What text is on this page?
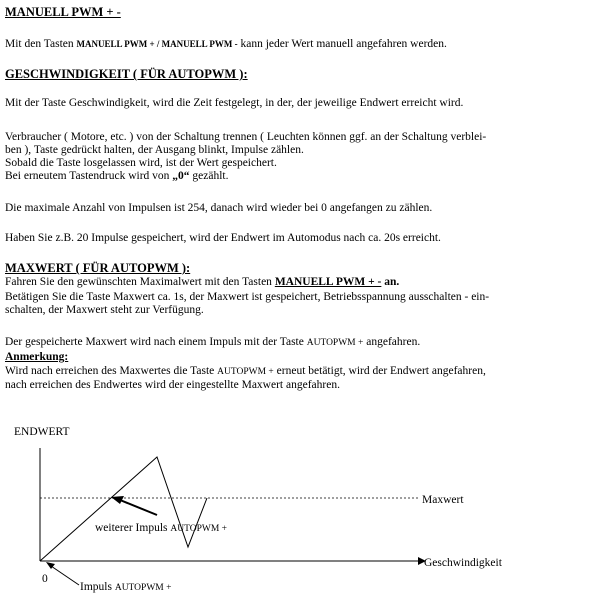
MANUELL PWM + -

Mit den Tasten MANUELL PWM + / MANUELL PWM - kann jeder Wert manuell angefahren werden.

GESCHWINDIGKEIT ( FÜR AUTOPWM ):

Mit der Taste Geschwindigkeit, wird die Zeit festgelegt, in der, der jeweilige Endwert erreicht wird.

Verbraucher ( Motore, etc. ) von der Schaltung trennen ( Leuchten können ggf. an der Schaltung verblei-
ben ), Taste gedrückt halten, der Ausgang blinkt, Impulse zählen.
Sobald die Taste losgelassen wird, ist der Wert gespeichert.
Bei erneutem Tastendruck wird von „0“ gezählt.

Die maximale Anzahl von Impulsen ist 254, danach wird wieder bei 0 angefangen zu zählen.

Haben Sie z.B. 20 Impulse gespeichert, wird der Endwert im Automodus nach ca. 20s erreicht.

MAXWERT ( FÜR AUTOPWM ):

Fahren Sie den gewünschten Maximalwert mit den Tasten MANUELL PWM + - an.

Betätigen Sie die Taste Maxwert ca. 1s, der Maxwert ist gespeichert, Betriebsspannung ausschalten - ein-
schalten, der Maxwert steht zur Verfügung.

Der gespeicherte Maxwert wird nach einem Impuls mit der Taste AUTOPWM + angefahren.

Anmerkung:

Wird nach erreichen des Maxwertes die Taste AUTOPWM + erneut betätigt, wird der Endwert angefahren,
nach erreichen des Endwertes wird der eingestellte Maxwert angefahren.

ENDWERT
Geschwindigkeit
0
Maxwert
weiterer Impuls AUTOPWM +
Impuls AUTOPWM +
